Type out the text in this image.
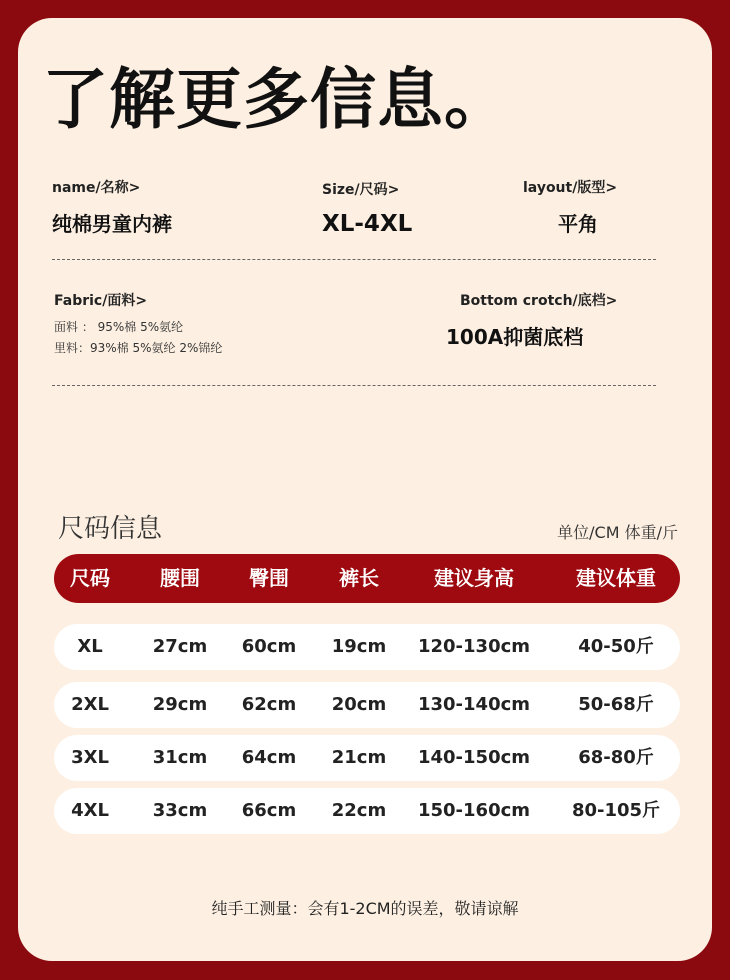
了解更多信息。
name/名称>
纯棉男童内裤
Size/尺码>
XL-4XL
layout/版型>
平角
Fabric/面料>
面料 ： 95%棉 5%氨纶
里料：93%棉 5%氨纶 2%锦纶
Bottom crotch/底档>
100A抑菌底档
尺码信息	单位/CM 体重/斤
尺码	腰围 臀围	裤长	建议身高	建议体重
XL	27cm 60cm 19cm 120-130cm	40-50斤
2XL 29cm 62cm 20cm 130-140cm	50-68斤
3XL 31cm 64cm 21cm 140-150cm	68-80斤
4XL 33cm 66cm 22cm 150-160cm 80-105斤
纯手工测量：会有1-2CM的误差，敬请谅解
